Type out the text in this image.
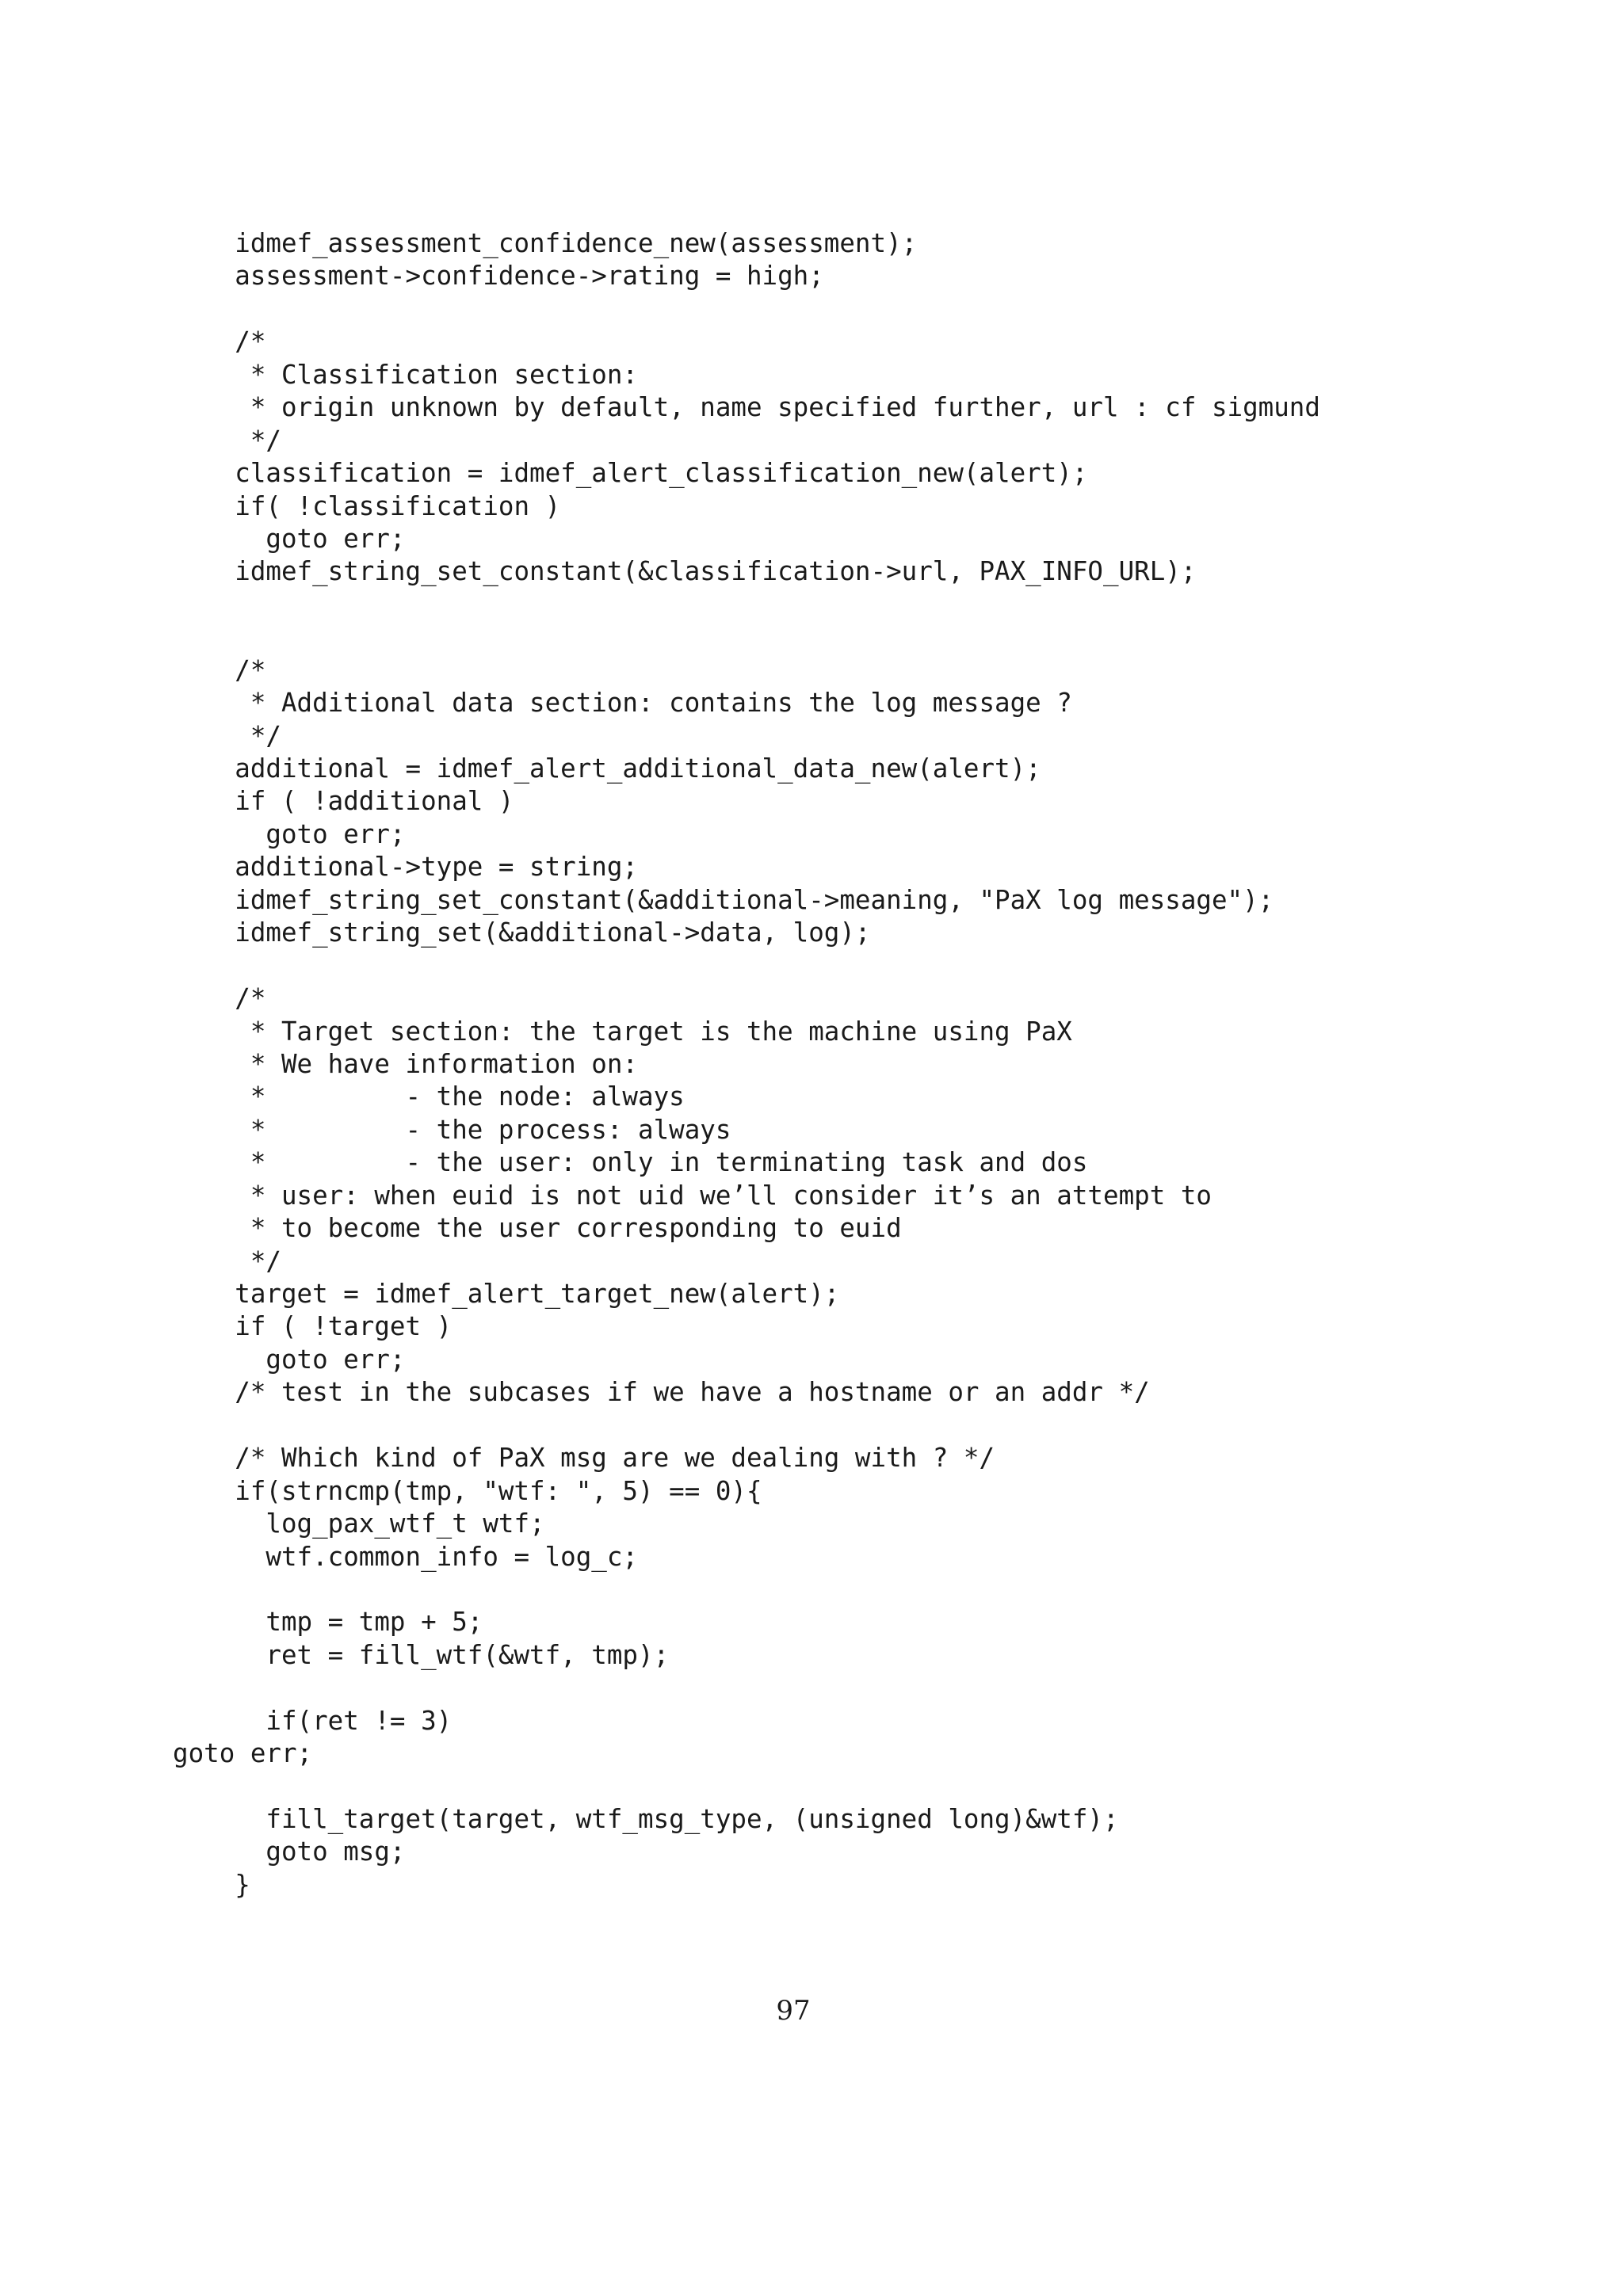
idmef_assessment_confidence_new(assessment);
assessment->confidence->rating = high;
/*
* Classification section:
* origin unknown by default, name specified further, url : cf sigmund
*/
classification = idmef_alert_classification_new(alert);
if( !classification )
goto err;
idmef_string_set_constant(&classification->url, PAX_INFO_URL);
/*
* Additional data section: contains the log message ?
*/
additional = idmef_alert_additional_data_new(alert);
if ( !additional )
goto err;
additional->type = string;
idmef_string_set_constant(&additional->meaning, "PaX log message");
idmef_string_set(&additional->data, log);
/*
* Target section: the target is the machine using PaX
* We have information on:
*         - the node: always
*         - the process: always
*         - the user: only in terminating task and dos
* user: when euid is not uid we’ll consider it’s an attempt to
* to become the user corresponding to euid
*/
target = idmef_alert_target_new(alert);
if ( !target )
goto err;
/* test in the subcases if we have a hostname or an addr */
/* Which kind of PaX msg are we dealing with ? */
if(strncmp(tmp, "wtf: ", 5) == 0){
log_pax_wtf_t wtf;
wtf.common_info = log_c;
tmp = tmp + 5;
ret = fill_wtf(&wtf, tmp);
if(ret != 3)
goto err;
fill_target(target, wtf_msg_type, (unsigned long)&wtf);
goto msg;
}
97
